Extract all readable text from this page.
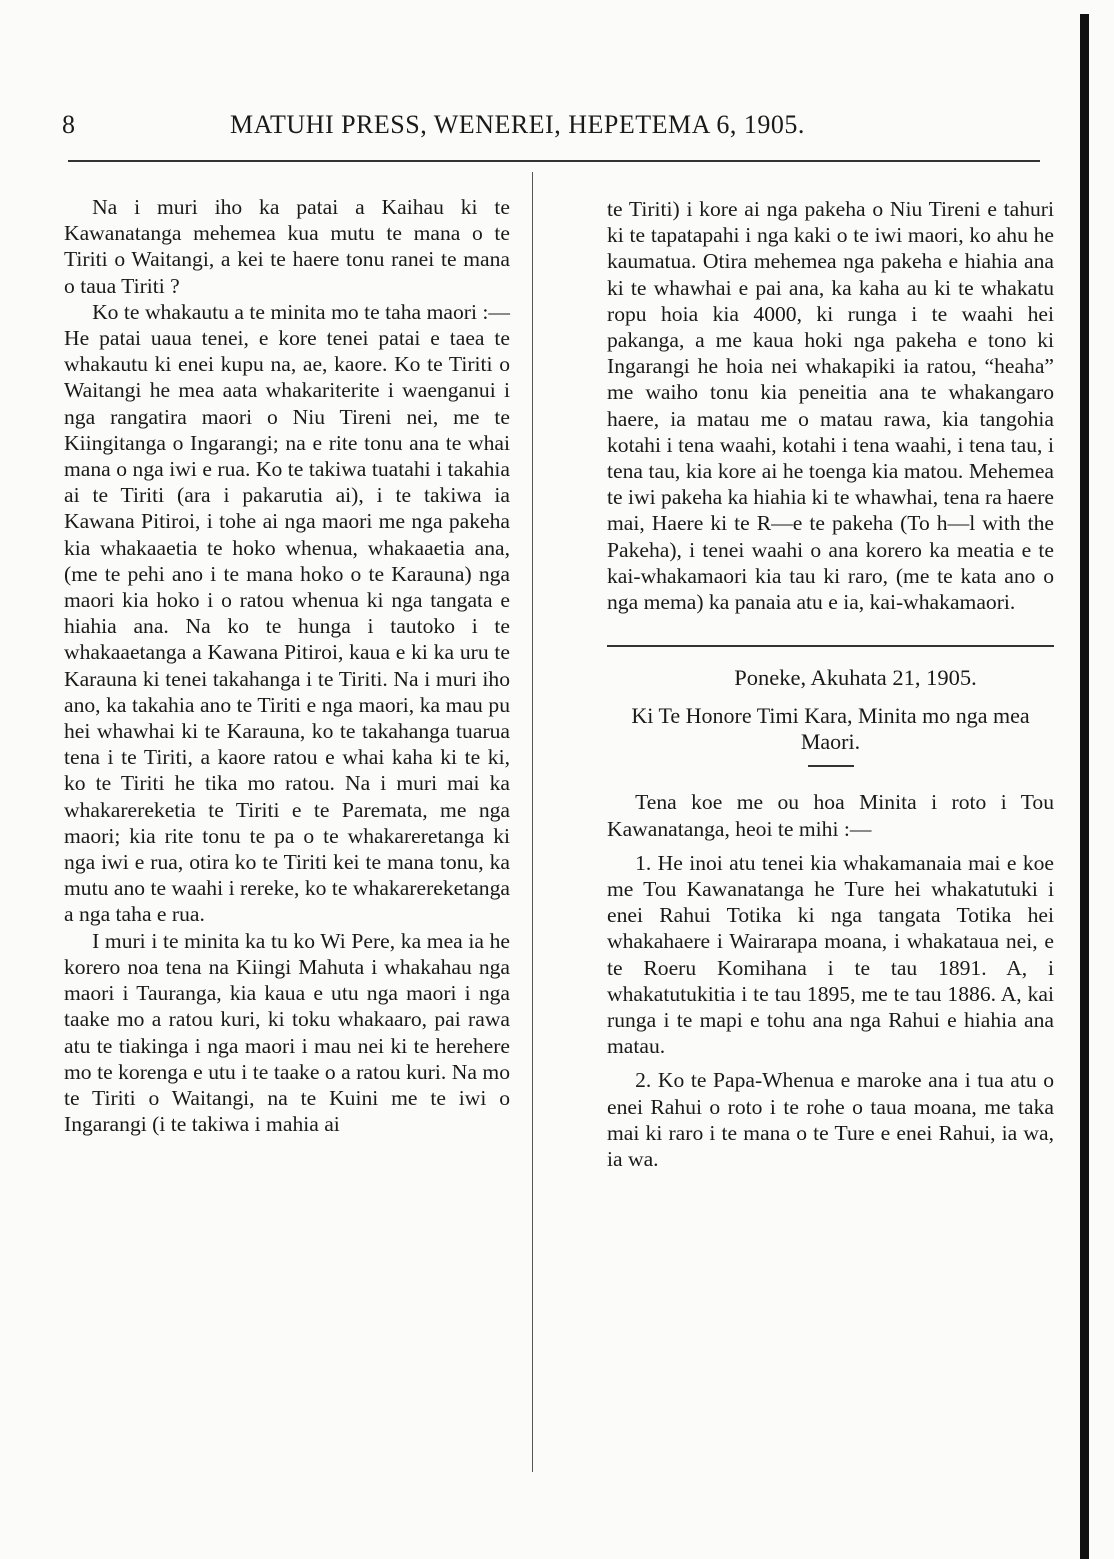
8	MATUHI PRESS, WENEREI, HEPETEMA 6, 1905.

Na i muri iho ka patai a Kaihau ki te Kawanatanga mehemea kua mutu te mana o te Tiriti o Waitangi, a kei te haere tonu ranei te mana o taua Tiriti ?

Ko te whakautu a te minita mo te taha maori :—He patai uaua tenei, e kore tenei patai e taea te whakautu ki enei kupu na, ae, kaore. Ko te Tiriti o Waitangi he mea aata whakariterite i waenganui i nga rangatira maori o Niu Tireni nei, me te Kiingitanga o Ingarangi; na e rite tonu ana te whai mana o nga iwi e rua. Ko te takiwa tuatahi i takahia ai te Tiriti (ara i pakarutia ai), i te takiwa ia Kawana Pitiroi, i tohe ai nga maori me nga pakeha kia whakaaetia te hoko whenua, whakaaetia ana, (me te pehi ano i te mana hoko o te Karauna) nga maori kia hoko i o ratou whenua ki nga tangata e hiahia ana. Na ko te hunga i tautoko i te whakaaetanga a Kawana Pitiroi, kaua e ki ka uru te Karauna ki tenei takahanga i te Tiriti. Na i muri iho ano, ka takahia ano te Tiriti e nga maori, ka mau pu hei whawhai ki te Karauna, ko te takahanga tuarua tena i te Tiriti, a kaore ratou e whai kaha ki te ki, ko te Tiriti he tika mo ratou. Na i muri mai ka whakarereketia te Tiriti e te Paremata, me nga maori; kia rite tonu te pa o te whakareretanga ki nga iwi e rua, otira ko te Tiriti kei te mana tonu, ka mutu ano te waahi i rereke, ko te whakarereketanga a nga taha e rua.

I muri i te minita ka tu ko Wi Pere, ka mea ia he korero noa tena na Kiingi Mahuta i whakahau nga maori i Tauranga, kia kaua e utu nga maori i nga taake mo a ratou kuri, ki toku whakaaro, pai rawa atu te tiakinga i nga maori i mau nei ki te herehere mo te korenga e utu i te taake o a ratou kuri. Na mo te Tiriti o Waitangi, na te Kuini me te iwi o Ingarangi (i te takiwa i mahia ai

te Tiriti) i kore ai nga pakeha o Niu Tireni e tahuri ki te tapatapahi i nga kaki o te iwi maori, ko ahu he kaumatua. Otira mehemea nga pakeha e hiahia ana ki te whawhai e pai ana, ka kaha au ki te whakatu ropu hoia kia 4000, ki runga i te waahi hei pakanga, a me kaua hoki nga pakeha e tono ki Ingarangi he hoia nei whakapiki ia ratou, “heaha” me waiho tonu kia peneitia ana te whakangaro haere, ia matau me o matau rawa, kia tangohia kotahi i tena waahi, kotahi i tena waahi, i tena tau, i tena tau, kia kore ai he toenga kia matou. Mehemea te iwi pakeha ka hiahia ki te whawhai, tena ra haere mai, Haere ki te R—e te pakeha (To h—l with the Pakeha), i tenei waahi o ana korero ka meatia e te kai-whakamaori kia tau ki raro, (me te kata ano o nga mema) ka panaia atu e ia, kai-whakamaori.

Poneke, Akuhata 21, 1905.

Ki Te Honore Timi Kara, Minita mo nga mea Maori.

Tena koe me ou hoa Minita i roto i Tou Kawanatanga, heoi te mihi :—

1. He inoi atu tenei kia whakamanaia mai e koe me Tou Kawanatanga he Ture hei whakatutuki i enei Rahui Totika ki nga tangata Totika hei whakahaere i Wairarapa moana, i whakataua nei, e te Roeru Komihana i te tau 1891. A, i whakatutukitia i te tau 1895, me te tau 1886. A, kai runga i te mapi e tohu ana nga Rahui e hiahia ana matau.

2. Ko te Papa-Whenua e maroke ana i tua atu o enei Rahui o roto i te rohe o taua moana, me taka mai ki raro i te mana o te Ture e enei Rahui, ia wa, ia wa.
